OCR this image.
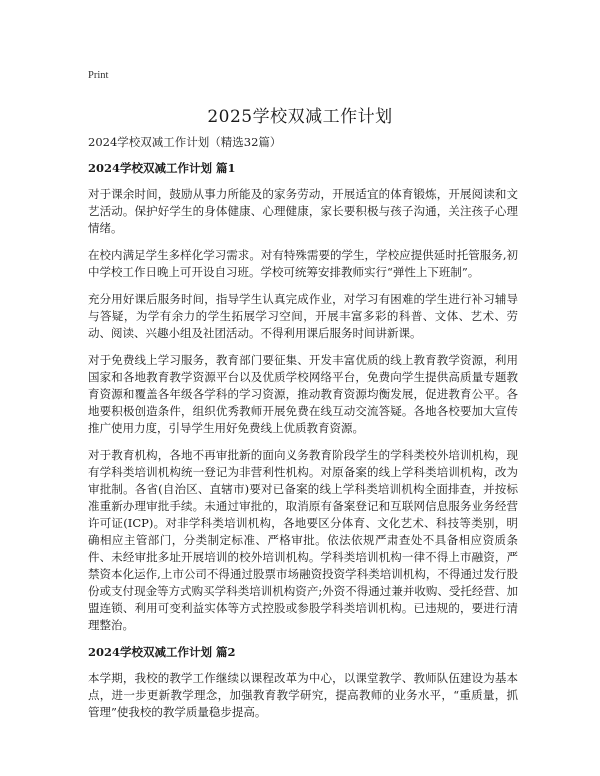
Print
2025学校双减工作计划
2024学校双减工作计划（精选32篇）
2024学校双减工作计划 篇1
对于课余时间，鼓励从事力所能及的家务劳动，开展适宜的体育锻炼，开展阅读和文艺活动。保护好学生的身体健康、心理健康，家长要积极与孩子沟通，关注孩子心理情绪。
在校内满足学生多样化学习需求。对有特殊需要的学生，学校应提供延时托管服务,初中学校工作日晚上可开设自习班。学校可统筹安排教师实行“弹性上下班制”。
充分用好课后服务时间，指导学生认真完成作业，对学习有困难的学生进行补习辅导与答疑，为学有余力的学生拓展学习空间，开展丰富多彩的科普、文体、艺术、劳动、阅读、兴趣小组及社团活动。不得利用课后服务时间讲新课。
对于免费线上学习服务，教育部门要征集、开发丰富优质的线上教育教学资源，利用国家和各地教育教学资源平台以及优质学校网络平台，免费向学生提供高质量专题教育资源和覆盖各年级各学科的学习资源，推动教育资源均衡发展，促进教育公平。各地要积极创造条件，组织优秀教师开展免费在线互动交流答疑。各地各校要加大宣传推广使用力度，引导学生用好免费线上优质教育资源。
对于教育机构，各地不再审批新的面向义务教育阶段学生的学科类校外培训机构，现有学科类培训机构统一登记为非营利性机构。对原备案的线上学科类培训机构，改为审批制。各省(自治区、直辖市)要对已备案的线上学科类培训机构全面排查，并按标准重新办理审批手续。未通过审批的，取消原有备案登记和互联网信息服务业务经营许可证(ICP)。对非学科类培训机构，各地要区分体育、文化艺术、科技等类别，明确相应主管部门，分类制定标准、严格审批。依法依规严肃查处不具备相应资质条件、未经审批多址开展培训的校外培训机构。学科类培训机构一律不得上市融资，严禁资本化运作,上市公司不得通过股票市场融资投资学科类培训机构，不得通过发行股份或支付现金等方式购买学科类培训机构资产;外资不得通过兼并收购、受托经营、加盟连锁、利用可变利益实体等方式控股或参股学科类培训机构。已违规的，要进行清理整治。
2024学校双减工作计划 篇2
本学期，我校的教学工作继续以课程改革为中心，以课堂教学、教师队伍建设为基本点，进一步更新教学理念，加强教育教学研究，提高教师的业务水平，“重质量，抓管理”使我校的教学质量稳步提高。
